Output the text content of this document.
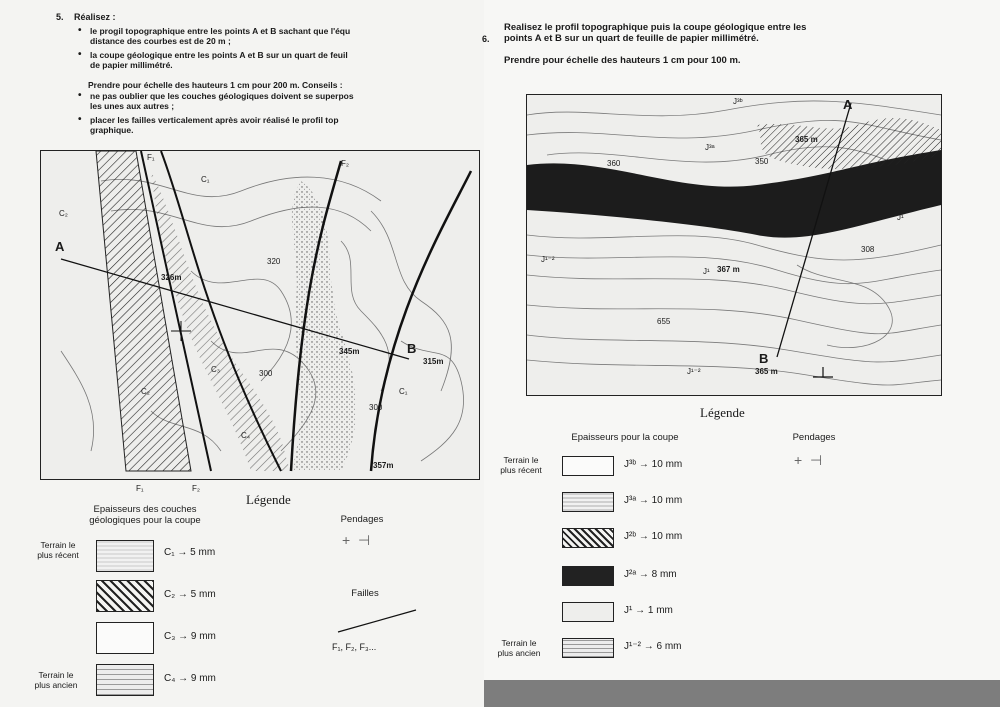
5. Réalisez :
• le progil topographique entre les points A et B sachant que l'équ
distance des courbes est de 20 m ;
• la coupe géologique entre les points A et B sur un quart de feuil
de papier millimétré.
Prendre pour échelle des hauteurs 1 cm pour 200 m. Conseils :
• ne pas oublier que les couches géologiques doivent se superpos
les unes aux autres ;
• placer les failles verticalement après avoir réalisé le profil top
graphique.
A
B
F₁
F₂
C₁
C₁
C₂
C₂
C₃
C₄
326m
345m
315m
357m
300
300
320
F₁	F₂
Légende
Epaisseurs des couches
géologiques pour la coupe	Pendages
+  ⊣
Failles
F₁, F₂, F₃...
Terrain le
plus récent
Terrain le
plus ancien
C₁ → 5 mm
C₂ → 5 mm
C₃ → 9 mm
C₄ → 9 mm
6.
Realisez le profil topographique puis la coupe géologique entre les
points A et B sur un quart de feuille de papier millimétré.
Prendre pour échelle des hauteurs 1 cm pour 100 m.
A
B
365 m
367 m
365 m
360	350
308
655
J³ᵇ
J³ᵃ
J¹⁻²
J¹
J¹⁻²
J¹
Légende
Epaisseurs pour la coupe	Pendages
+  ⊣
Terrain le
plus récent
Terrain le
plus ancien
J³ᵇ → 10 mm
J³ᵃ → 10 mm
J²ᵇ → 10 mm
J²ᵃ → 8 mm
J¹ → 1 mm
J¹⁻² → 6 mm
